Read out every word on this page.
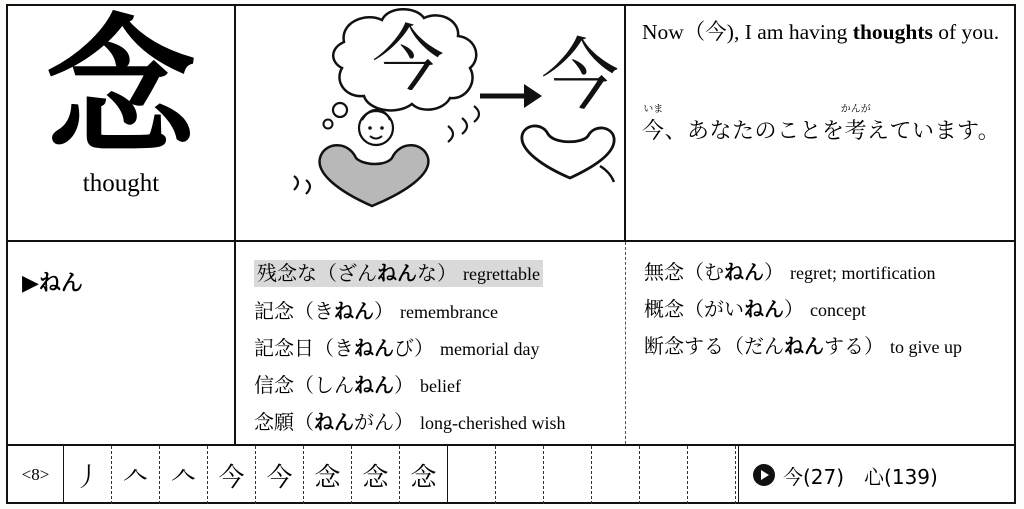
念
thought
今 今 Now（今), I am having thoughts of you.
いま
今、あなたのことを
かんが
考えています。
▶ねん	残念な（ざんねんな） regrettable
記念（きねん） remembrance
記念日（きねんび） memorial day
信念（しんねん） belief
念願（ねんがん） long-cherished wish
無念（むねん） regret; mortification
概念（がいねん） concept
断念する（だんねんする） to give up
<8> 丿 𠆢 𠆢 今 今 念 念 念	今(27)　心(139)
